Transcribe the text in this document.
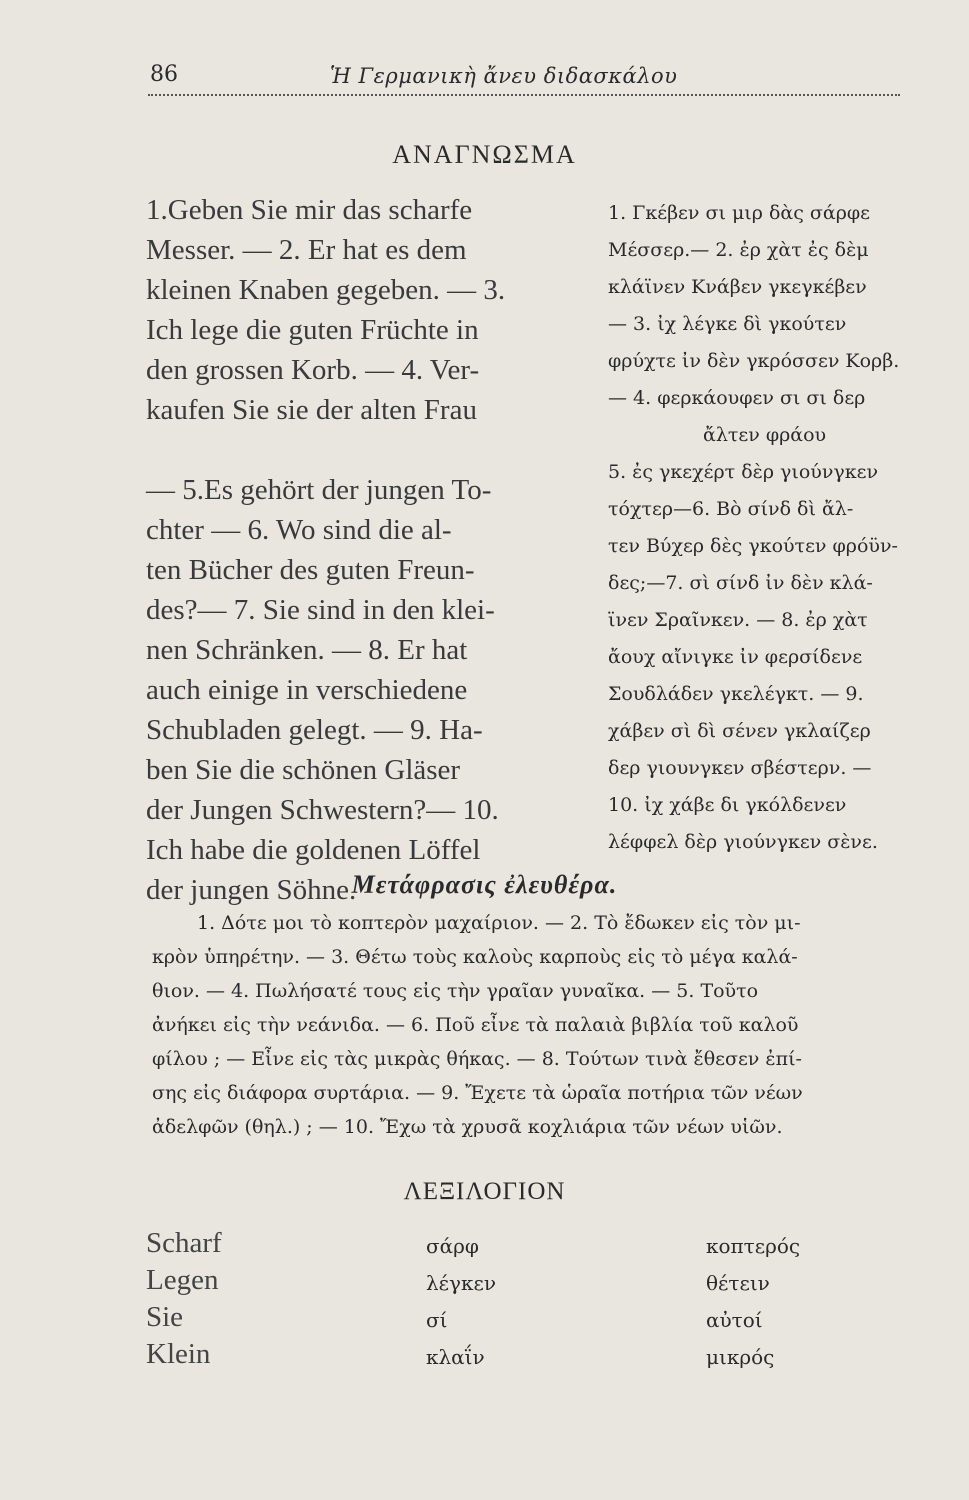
86	Ἡ Γερμανικὴ ἄνευ διδασκάλου
ΑΝΑΓΝΩΣΜΑ
1.Geben Sie mir das scharfe
Messer. — 2. Er hat es dem
kleinen Knaben gegeben. — 3.
Ich lege die guten Früchte in
den grossen Korb. — 4. Ver-
kaufen Sie sie der alten Frau
— 5.Es gehört der jungen To-
chter — 6. Wo sind die al-
ten Bücher des guten Freun-
des?— 7. Sie sind in den klei-
nen Schränken. — 8. Er hat
auch einige in verschiedene
Schubladen gelegt. — 9. Ha-
ben Sie die schönen Gläser
der Jungen Schwestern?— 10.
Ich habe die goldenen Löffel
der jungen Söhne.
1. Γκέβεν σι μιρ δὰς σάρφε
Μέσσερ.— 2. ἐρ χὰτ ἐς δὲμ
κλάϊνεν Κνάβεν γκεγκέβεν
— 3. ἰχ λέγκε δὶ γκούτεν
φρύχτε ἰν δὲν γκρόσσεν Κορβ.
— 4. φερκάουφεν σι σι δερ
ἄλτεν φράου
5. ἐς γκεχέρτ δὲρ γιούνγκεν
τόχτερ—6. Βὸ σίνδ δὶ ἄλ-
τεν Βύχερ δὲς γκούτεν φρόϋν-
δες;—7. σὶ σίνδ ἰν δὲν κλά-
ϊνεν Σραῖνκεν. — 8. ἐρ χὰτ
ἄουχ αἴνιγκε ἰν φερσίδενε
Σουδλάδεν γκελέγκτ. — 9.
χάβεν σὶ δὶ σένεν γκλαίζερ
δερ γιουνγκεν σβέστερν. —
10. ἰχ χάβε δι γκόλδενεν
λέφφελ δὲρ γιούνγκεν σὲνε.
Μετάφρασις ἐλευθέρα.
1. Δότε μοι τὸ κοπτερὸν μαχαίριον. — 2. Τὸ ἔδωκεν εἰς τὸν μι-
κρὸν ὑπηρέτην. — 3. Θέτω τοὺς καλοὺς καρποὺς εἰς τὸ μέγα καλά-
θιον. — 4. Πωλήσατέ τους εἰς τὴν γραῖαν γυναῖκα. — 5. Τοῦτο
ἀνήκει εἰς τὴν νεάνιδα. — 6. Ποῦ εἶνε τὰ παλαιὰ βιβλία τοῦ καλοῦ
φίλου ; — Εἶνε εἰς τὰς μικρὰς θήκας. — 8. Τούτων τινὰ ἔθεσεν ἐπί-
σης εἰς διάφορα συρτάρια. — 9. Ἔχετε τὰ ὡραῖα ποτήρια τῶν νέων
ἀδελφῶν (θηλ.) ; — 10. Ἔχω τὰ χρυσᾶ κοχλιάρια τῶν νέων υἱῶν.
ΛΕΞΙΛΟΓΙΟΝ
Scharf	σάρφ	κοπτερός
Legen	λέγκεν	θέτειν
Sie	σί	αὐτοί
Klein	κλαΐν	μικρός
